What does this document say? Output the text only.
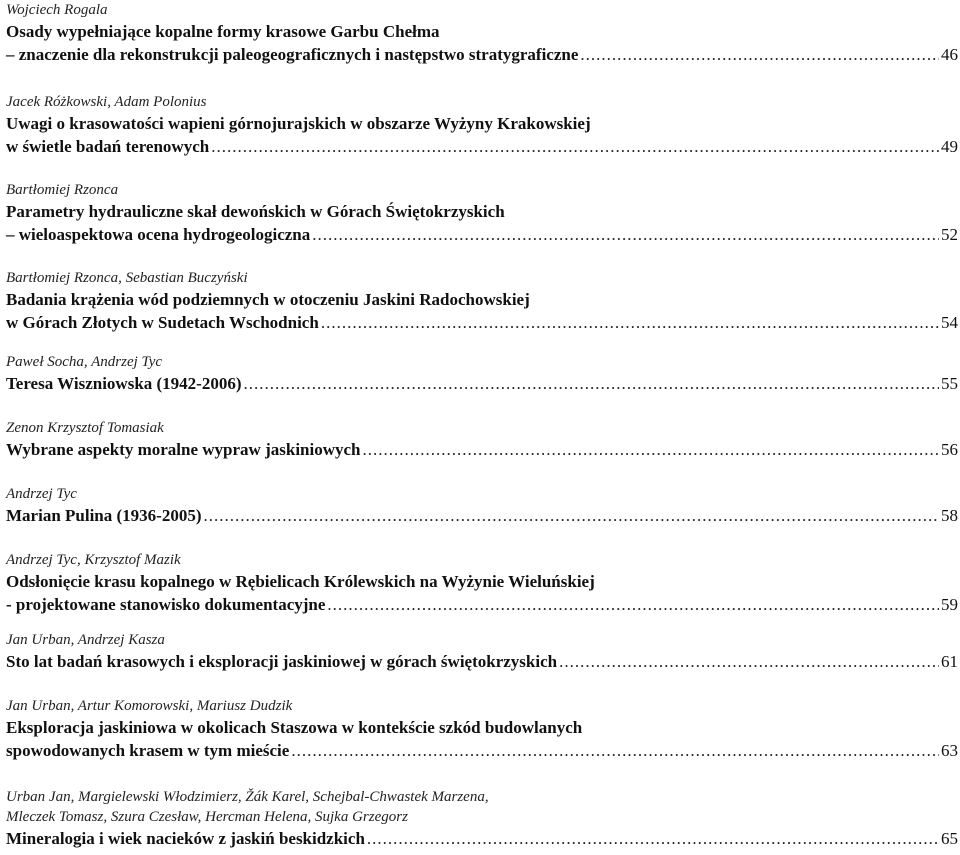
Wojciech Rogala
Osady wypełniające kopalne formy krasowe Garbu Chełma
– znaczenie dla rekonstrukcji paleogeograficznych i następstwo stratygraficzne .....	46
Jacek Różkowski, Adam Polonius
Uwagi o krasowatości wapieni górnojurajskich w obszarze Wyżyny Krakowskiej
w świetle badań terenowych .....	49
Bartłomiej Rzonca
Parametry hydrauliczne skał dewońskich w Górach Świętokrzyskich
– wieloaspektowa ocena hydrogeologiczna .....	52
Bartłomiej Rzonca, Sebastian Buczyński
Badania krążenia wód podziemnych w otoczeniu Jaskini Radochowskiej
w Górach Złotych w Sudetach Wschodnich .....	54
Paweł Socha, Andrzej Tyc
Teresa Wiszniowska (1942-2006) .....	55
Zenon Krzysztof Tomasiak
Wybrane aspekty moralne wypraw jaskiniowych .....	56
Andrzej Tyc
Marian Pulina (1936-2005) .....	58
Andrzej Tyc, Krzysztof Mazik
Odsłonięcie krasu kopalnego w Rębielicach Królewskich na Wyżynie Wieluńskiej
- projektowane stanowisko dokumentacyjne .....	59
Jan Urban, Andrzej Kasza
Sto lat badań krasowych i eksploracji jaskiniowej w górach świętokrzyskich .....	61
Jan Urban, Artur Komorowski, Mariusz Dudzik
Eksploracja jaskiniowa w okolicach Staszowa w kontekście szkód budowlanych
spowodowanych krasem w tym mieście .....	63
Urban Jan, Margielewski Włodzimierz, Žák Karel, Schejbal-Chwastek Marzena,
Mleczek Tomasz, Szura Czesław, Hercman Helena, Sujka Grzegorz
Mineralogia i wiek nacieków z jaskiń beskidzkich .....	65
